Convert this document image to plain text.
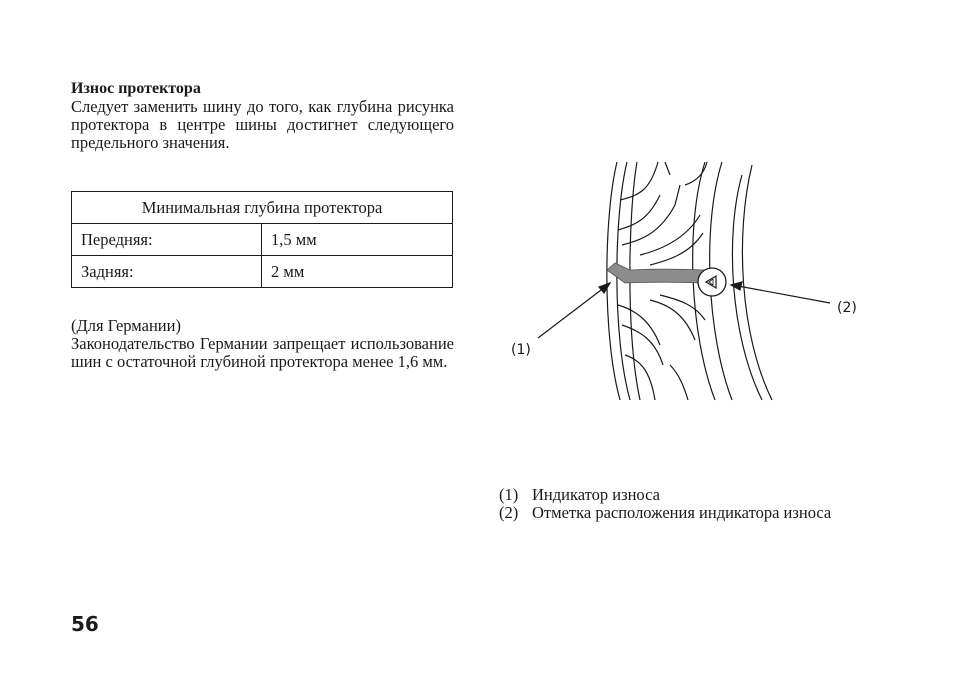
Износ протектора
Следует заменить шину до того, как глубина рисунка протектора в центре шины достигнет следующего предельного значения.
Минимальная глубина протектора	
Передняя:	1,5 мм
Задняя:	2 мм
(Для Германии)
Законодательство Германии запрещает использование шин с остаточной глубиной протектора менее 1,6 мм.
(1)
(2)
(1) Индикатор износа
(2) Отметка расположения индикатора износа
56
